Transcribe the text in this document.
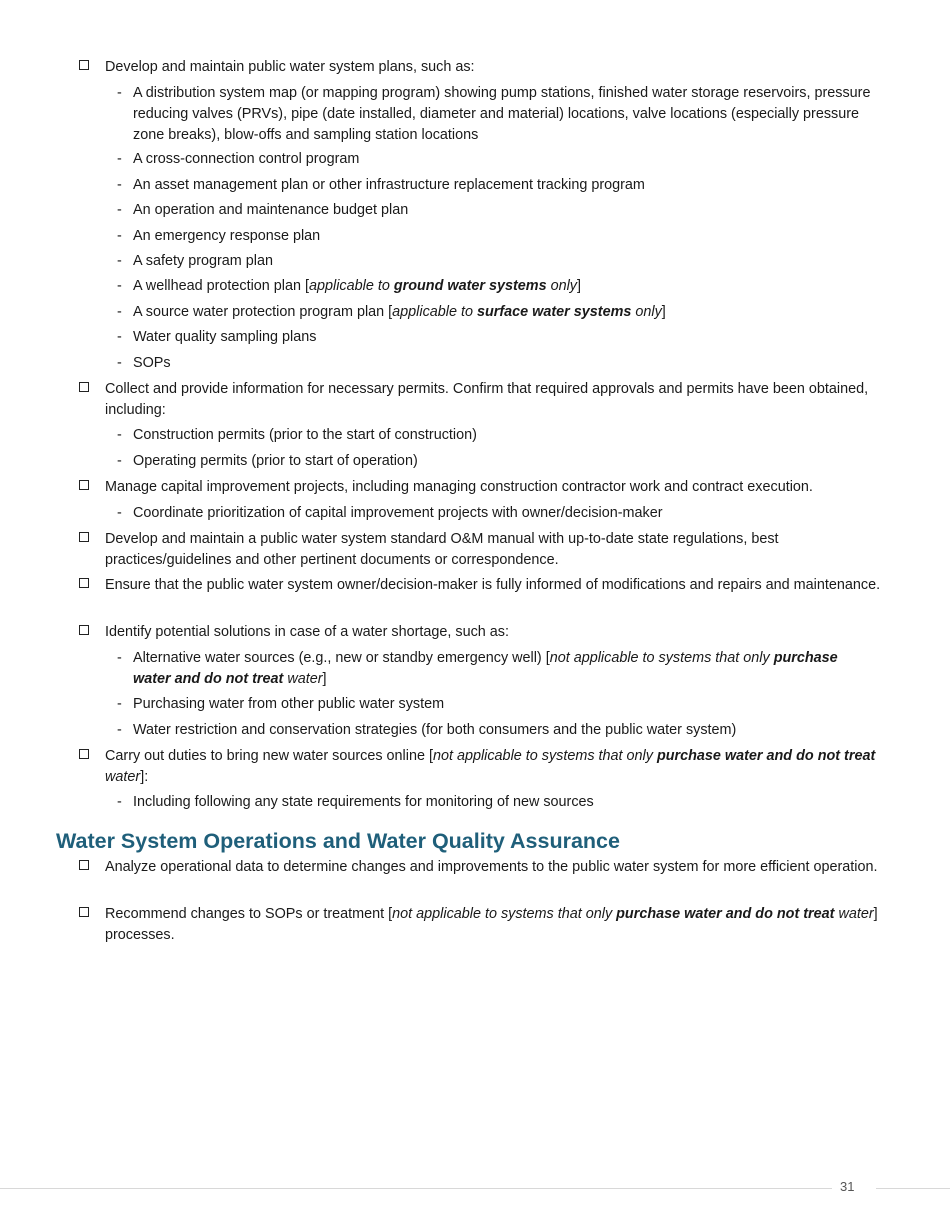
Develop and maintain public water system plans, such as:
- A distribution system map (or mapping program) showing pump stations, finished water storage reservoirs, pressure reducing valves (PRVs), pipe (date installed, diameter and material) locations, valve locations (especially pressure zone breaks), blow-offs and sampling station locations
- A cross-connection control program
- An asset management plan or other infrastructure replacement tracking program
- An operation and maintenance budget plan
- An emergency response plan
- A safety program plan
- A wellhead protection plan [applicable to ground water systems only]
- A source water protection program plan [applicable to surface water systems only]
- Water quality sampling plans
- SOPs
Collect and provide information for necessary permits. Confirm that required approvals and permits have been obtained, including:
- Construction permits (prior to the start of construction)
- Operating permits (prior to start of operation)
Manage capital improvement projects, including managing construction contractor work and contract execution.
- Coordinate prioritization of capital improvement projects with owner/decision-maker
Develop and maintain a public water system standard O&M manual with up-to-date state regulations, best practices/guidelines and other pertinent documents or correspondence.
Ensure that the public water system owner/decision-maker is fully informed of modifications and repairs and maintenance.
Identify potential solutions in case of a water shortage, such as:
- Alternative water sources (e.g., new or standby emergency well) [not applicable to systems that only purchase water and do not treat water]
- Purchasing water from other public water system
- Water restriction and conservation strategies (for both consumers and the public water system)
Carry out duties to bring new water sources online [not applicable to systems that only purchase water and do not treat water]:
- Including following any state requirements for monitoring of new sources
Water System Operations and Water Quality Assurance
Analyze operational data to determine changes and improvements to the public water system for more efficient operation.
Recommend changes to SOPs or treatment [not applicable to systems that only purchase water and do not treat water] processes.
31
